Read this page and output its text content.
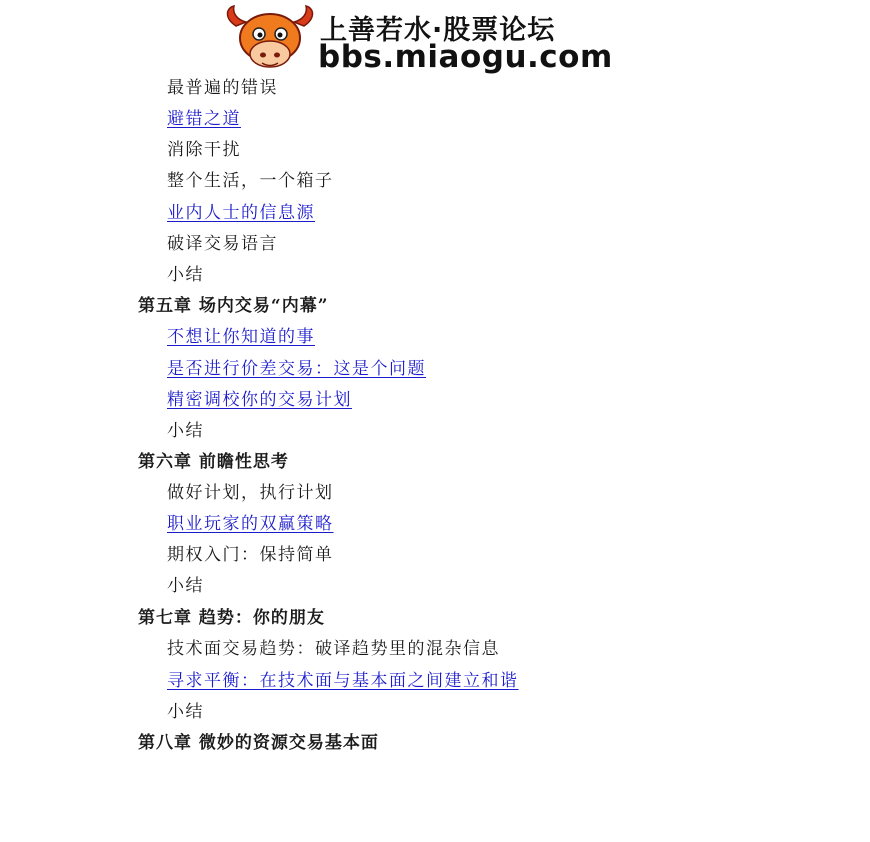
上善若水·股票论坛
bbs.miaogu.com
最普遍的错误
避错之道
消除干扰
整个生活，一个箱子
业内人士的信息源
破译交易语言
小结
第五章 场内交易“内幕”
不想让你知道的事
是否进行价差交易：这是个问题
精密调校你的交易计划
小结
第六章 前瞻性思考
做好计划，执行计划
职业玩家的双赢策略
期权入门：保持简单
小结
第七章 趋势：你的朋友
技术面交易趋势：破译趋势里的混杂信息
寻求平衡：在技术面与基本面之间建立和谐
小结
第八章 微妙的资源交易基本面
